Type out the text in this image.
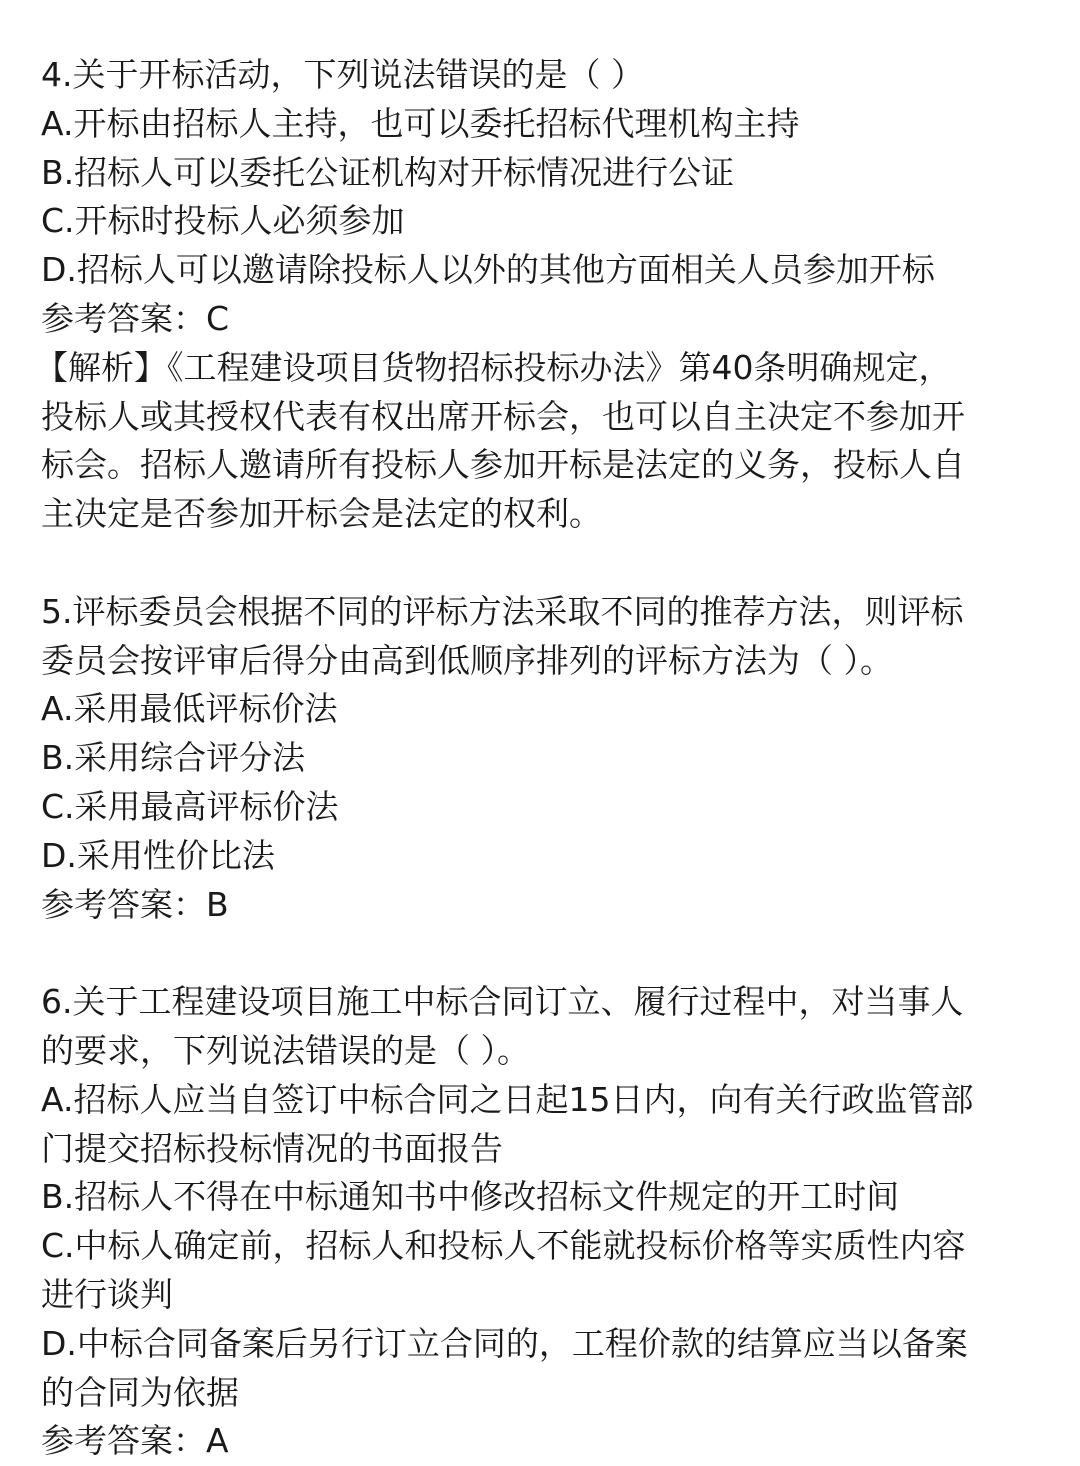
4.关于开标活动，下列说法错误的是（ ）

A.开标由招标人主持，也可以委托招标代理机构主持

B.招标人可以委托公证机构对开标情况进行公证

C.开标时投标人必须参加

D.招标人可以邀请除投标人以外的其他方面相关人员参加开标

参考答案：C

【解析】《工程建设项目货物招标投标办法》第40条明确规定，

投标人或其授权代表有权出席开标会，也可以自主决定不参加开

标会。招标人邀请所有投标人参加开标是法定的义务，投标人自

主决定是否参加开标会是法定的权利。

5.评标委员会根据不同的评标方法采取不同的推荐方法，则评标

委员会按评审后得分由高到低顺序排列的评标方法为（ ）。

A.采用最低评标价法

B.采用综合评分法

C.采用最高评标价法

D.采用性价比法

参考答案：B

6.关于工程建设项目施工中标合同订立、履行过程中，对当事人

的要求，下列说法错误的是（ ）。

A.招标人应当自签订中标合同之日起15日内，向有关行政监管部

门提交招标投标情况的书面报告

B.招标人不得在中标通知书中修改招标文件规定的开工时间

C.中标人确定前，招标人和投标人不能就投标价格等实质性内容

进行谈判

D.中标合同备案后另行订立合同的，工程价款的结算应当以备案

的合同为依据

参考答案：A
